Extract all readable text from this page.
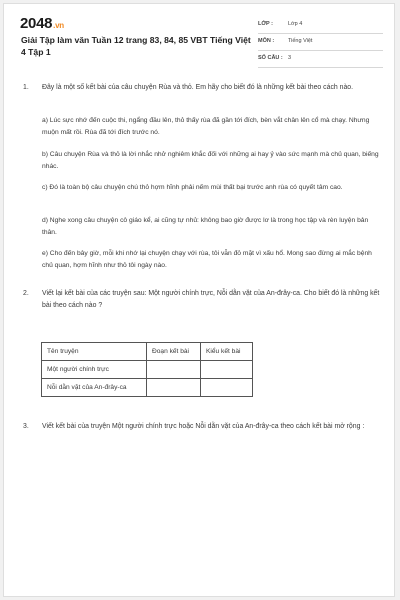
2048.vn
Giải Tập làm văn Tuần 12 trang 83, 84, 85 VBT Tiếng Việt 4 Tập 1
LỚP :	Lớp 4
MÔN :	Tiếng Việt
SỐ CÂU : 3
1. Đây là một số kết bài của câu chuyện Rùa và thỏ. Em hãy cho biết đó là những kết bài theo cách nào.
a) Lúc sực nhớ đến cuộc thi, ngẩng đầu lên, thỏ thấy rùa đã gần tới đích, bèn vắt chân lên cổ mà chạy. Nhưng muộn mất rồi. Rùa đã tới đích trước nó.
b) Câu chuyện Rùa và thỏ là lời nhắc nhở nghiêm khắc đối với những ai hay ỷ vào sức mạnh mà chủ quan, biếng nhác.
c) Đó là toàn bộ câu chuyện chú thỏ hợm hĩnh phải nếm mùi thất bại trước anh rùa có quyết tâm cao.
d) Nghe xong câu chuyện cô giáo kể, ai cũng tự nhủ: không bao giờ được lơ là trong học tập và rèn luyện bản thân.
e) Cho đến bây giờ, mỗi khi nhớ lại chuyện chạy với rùa, tôi vẫn đỏ mặt vì xấu hổ. Mong sao đừng ai mắc bệnh chủ quan, hợm hĩnh như thỏ tôi ngày nào.
2. Viết lại kết bài của các truyện sau: Một người chính trực, Nỗi dằn vặt của An-đrây-ca. Cho biết đó là những kết bài theo cách nào ?
3. Viết kết bài của truyện Một người chính trực hoặc Nỗi dằn vặt của An-đrây-ca theo cách kết bài mở rộng :
Tên truyện	Đoạn kết bài	Kiểu kết bài
Một người chính trực		
Nỗi dằn vặt của An-đrây-ca		
